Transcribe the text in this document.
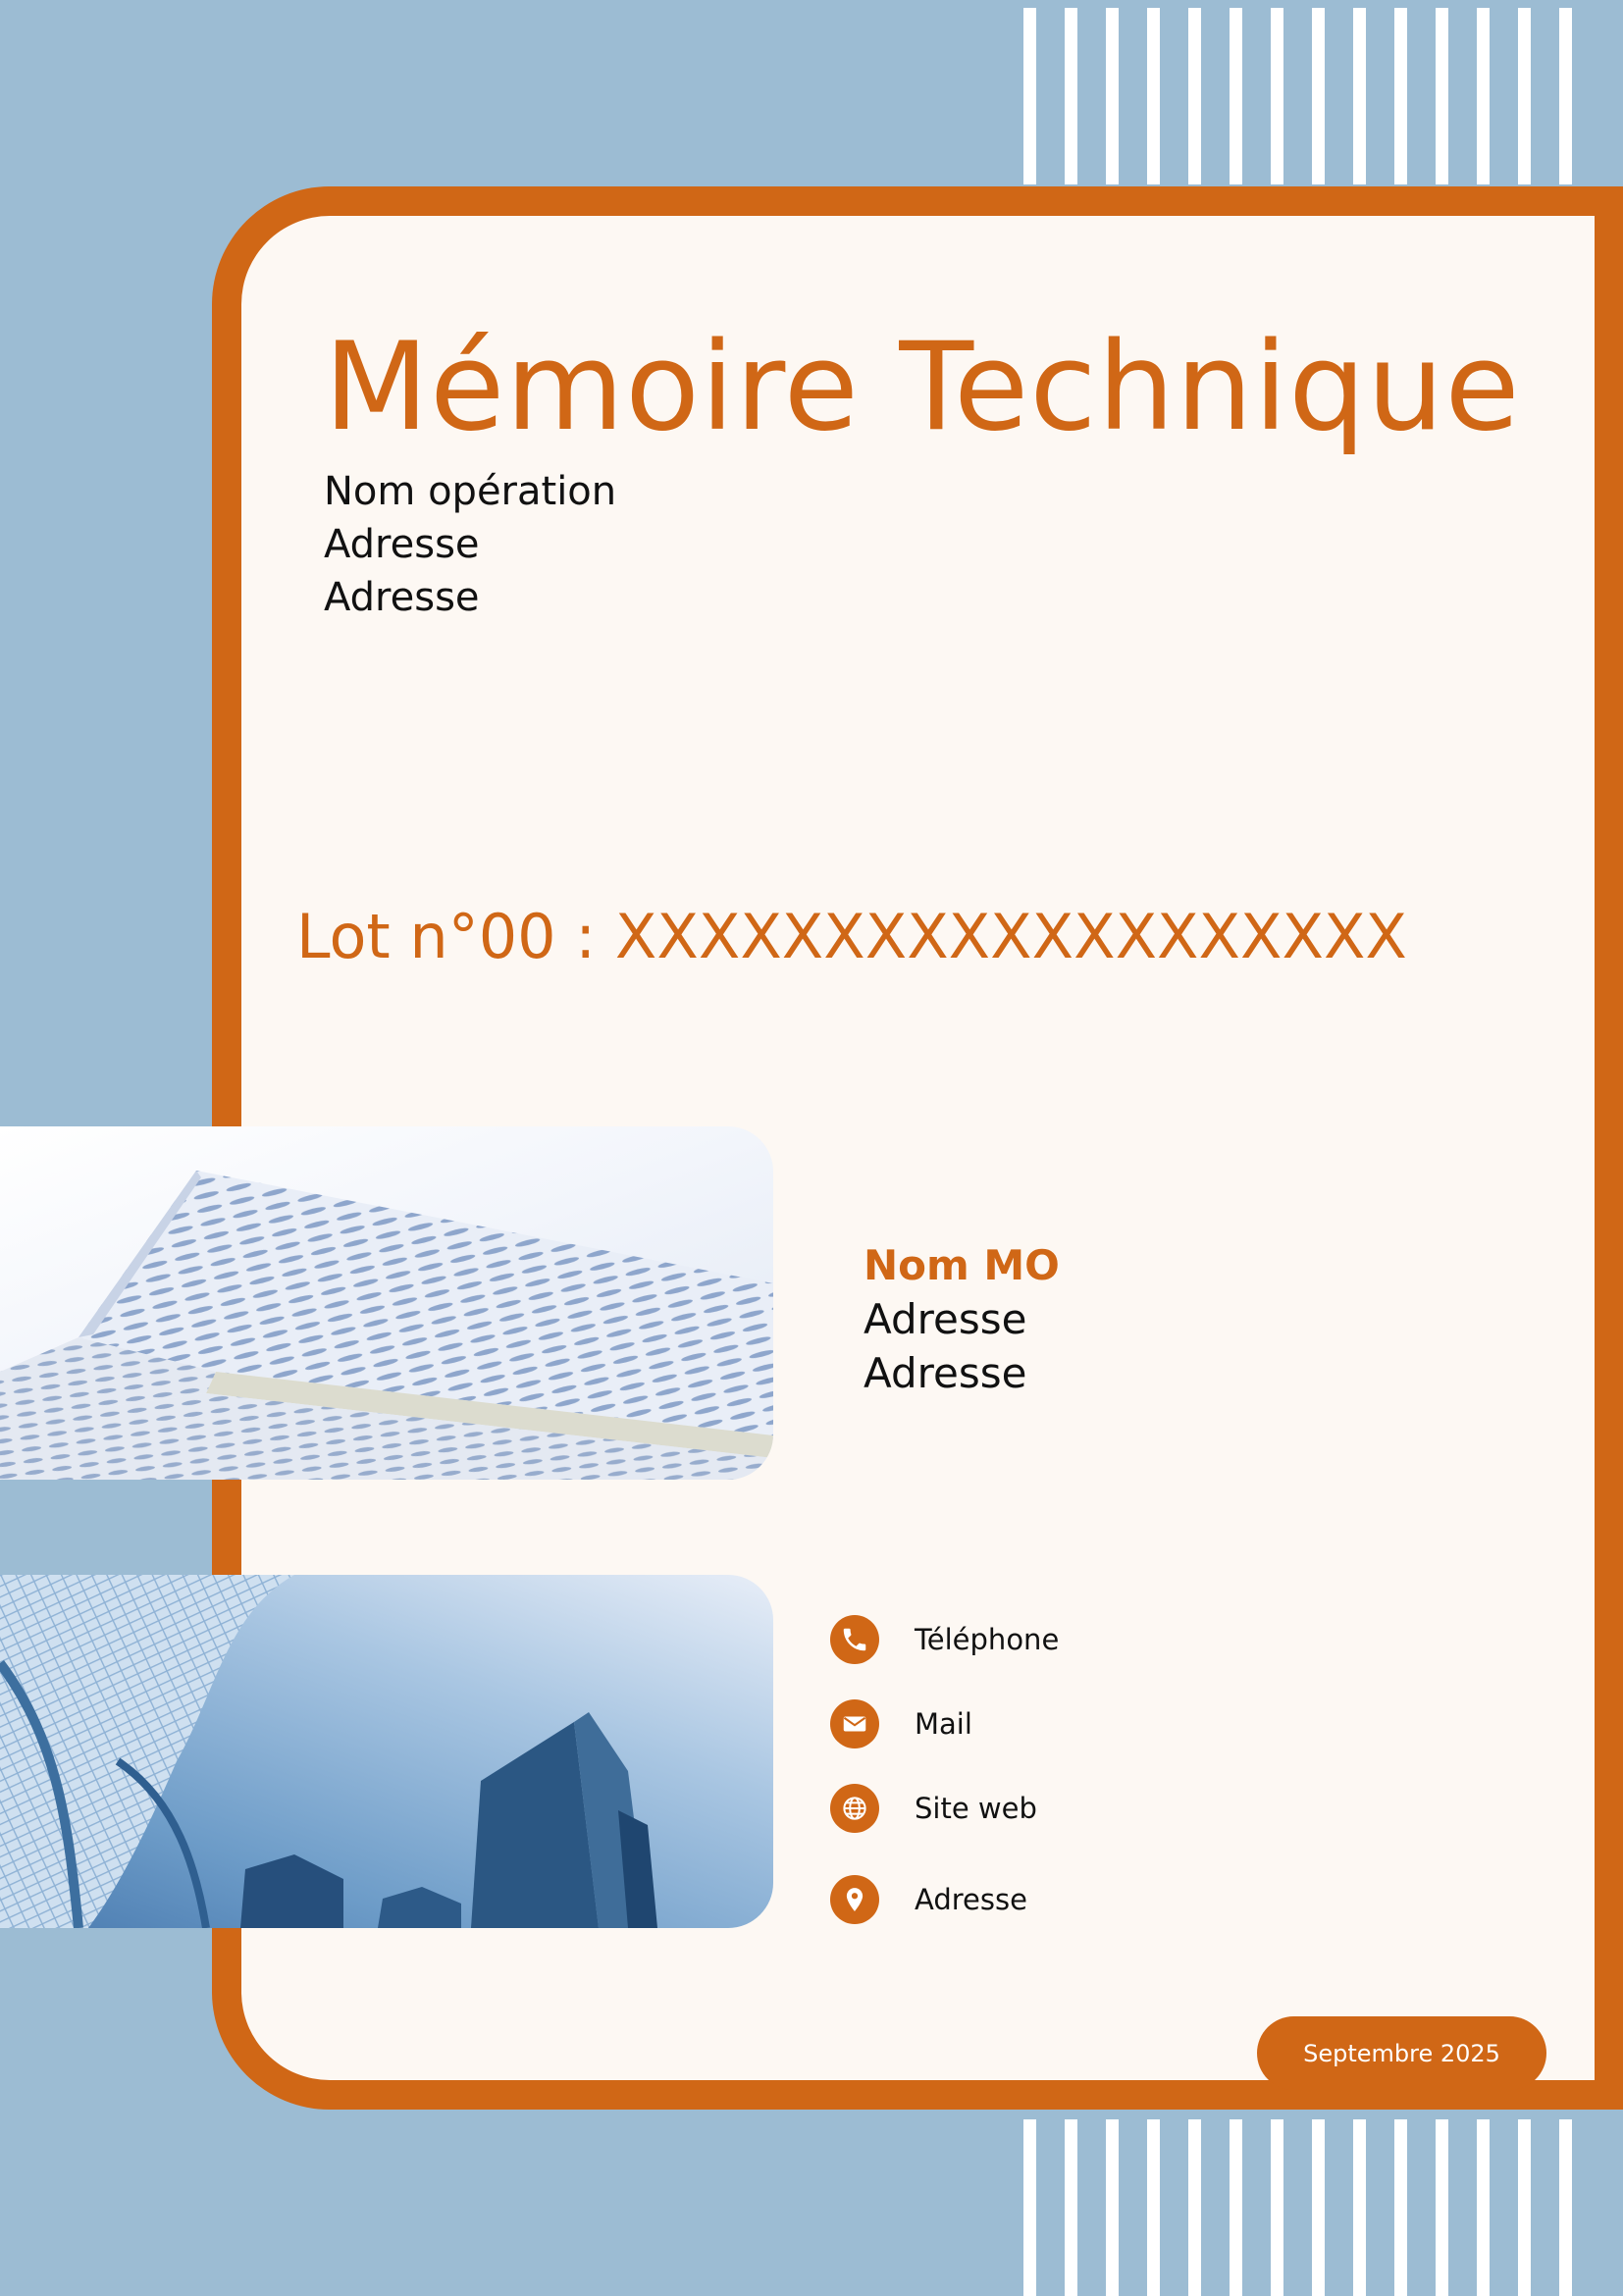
Mémoire Technique
Nom opération
Adresse
Adresse
Lot n°00 : XXXXXXXXXXXXXXXXXXX
Nom MO
Adresse
Adresse
Téléphone
Mail
Site web
Adresse
Septembre 2025
